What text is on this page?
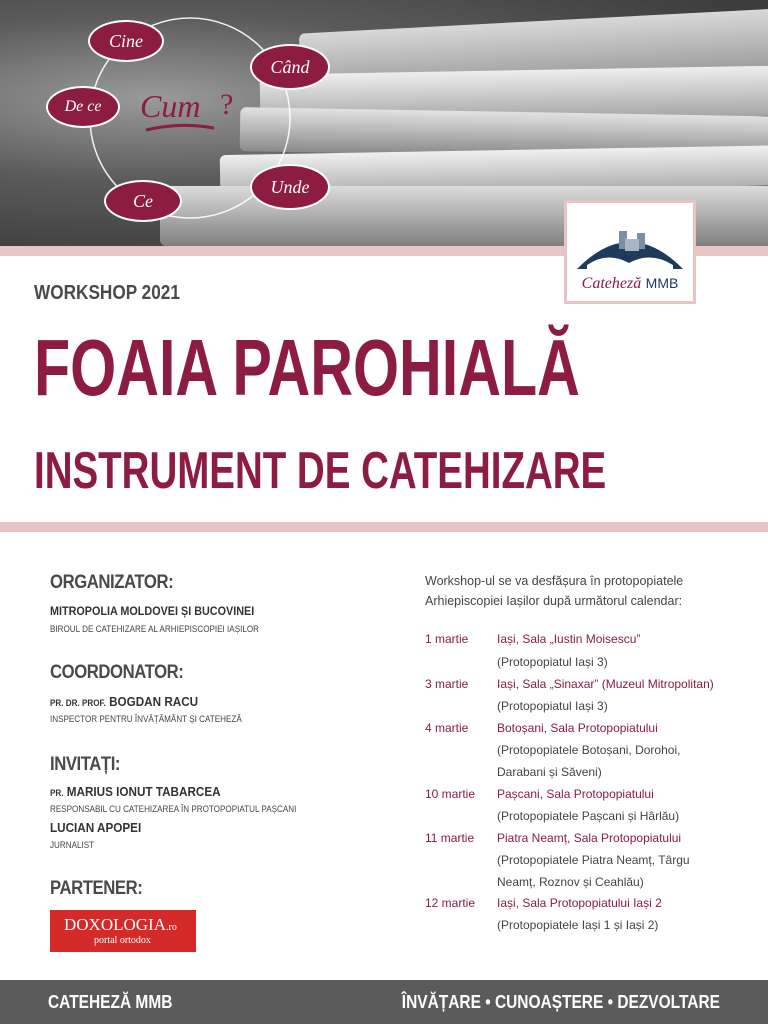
Cine
Când
De ce
Ce
Unde
Cum ?
Cateheză MMB
WORKSHOP 2021
FOAIA PAROHIALĂ
INSTRUMENT DE CATEHIZARE
ORGANIZATOR:
MITROPOLIA MOLDOVEI ȘI BUCOVINEI
BIROUL DE CATEHIZARE AL ARHIEPISCOPIEI IAȘILOR
COORDONATOR:
PR. DR. PROF. BOGDAN RACU
INSPECTOR PENTRU ÎNVĂȚĂMÂNT ȘI CATEHEZĂ
INVITAȚI:
PR. MARIUS IONUT TABARCEA
RESPONSABIL CU CATEHIZAREA ÎN PROTOPOPIATUL PAȘCANI
LUCIAN APOPEI
JURNALIST
PARTENER:
DOXOLOGIA.ro
portal ortodox
Workshop-ul se va desfășura în protopopiatele
Arhiepiscopiei Iașilor după următorul calendar:
1 martie Iași, Sala „Iustin Moisescu”
(Protopopiatul Iași 3)
3 martie Iași, Sala „Sinaxar” (Muzeul Mitropolitan)
(Protopopiatul Iași 3)
4 martie Botoșani, Sala Protopopiatului
(Protopopiatele Botoșani, Dorohoi,
Darabani și Săveni)
10 martie Pașcani, Sala Protopopiatului
(Protopopiatele Pașcani și Hârlău)
11 martie Piatra Neamț, Sala Protopopiatului
(Protopopiatele Piatra Neamț, Târgu
Neamț, Roznov și Ceahlău)
12 martie Iași, Sala Protopopiatului Iași 2
(Protopopiatele Iași 1 și Iași 2)
CATEHEZĂ MMB	ÎNVĂȚARE • CUNOAȘTERE • DEZVOLTARE
